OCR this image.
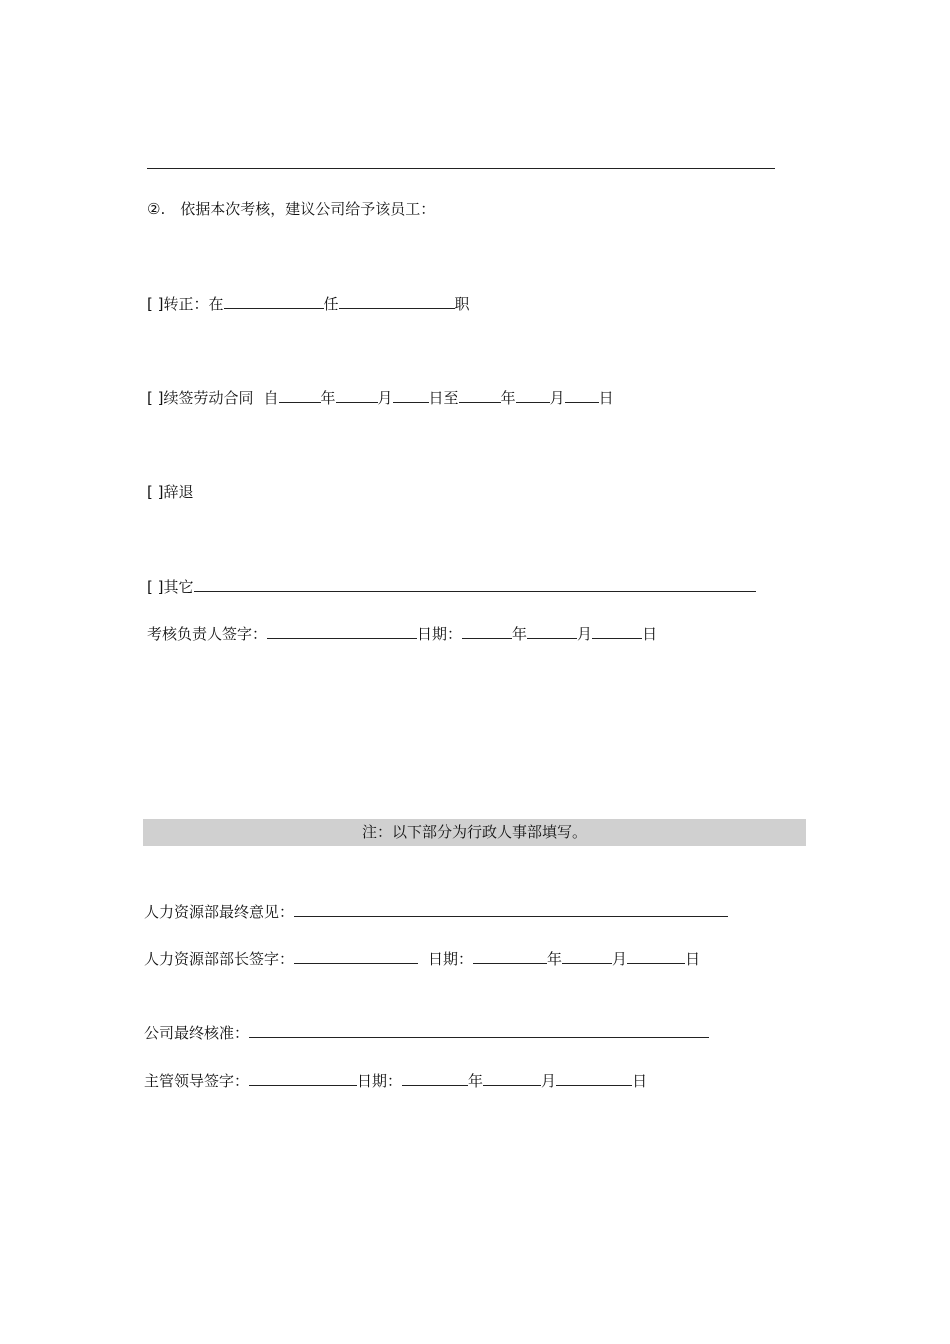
②.　依据本次考核，建议公司给予该员工：
[ ]转正：在	任	职
[ ]续签劳动合同 自	年	月 日至	年 月 日
[ ]辞退
[ ]其它
考核负责人签字：	日期：	年	月	日
注：以下部分为行政人事部填写。
人力资源部最终意见：
人力资源部部长签字：	日期：	年	月	日
公司最终核准：
主管领导签字：	日期：	年	月	日
